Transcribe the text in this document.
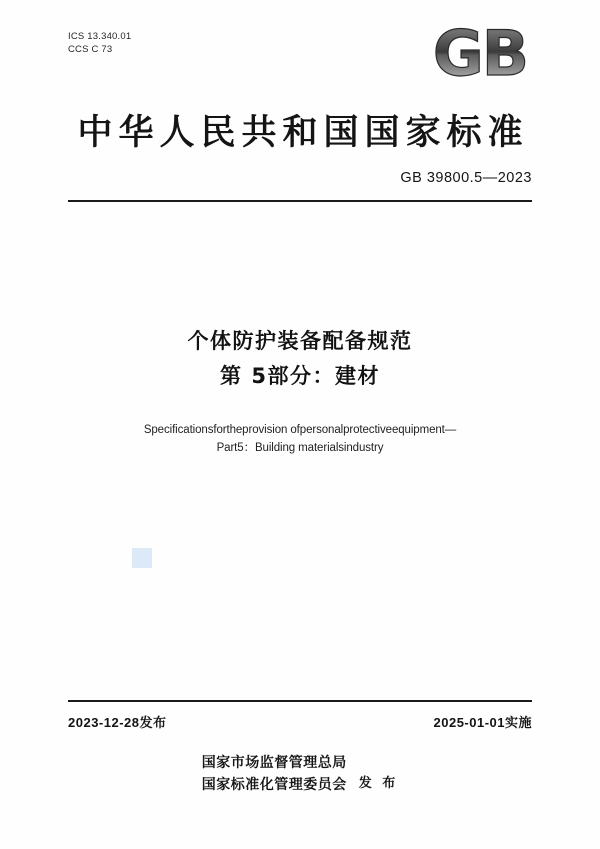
ICS 13.340.01
CCS C 73	GB
中华人民共和国国家标准
GB 39800.5—2023
个体防护装备配备规范
第 5部分：建材
Specificationsfortheprovision ofpersonalprotectiveequipment—
Part5：Building materialsindustry
2023-12-28发布	2025-01-01实施
国家市场监督管理总局
国家标准化管理委员会 发 布
